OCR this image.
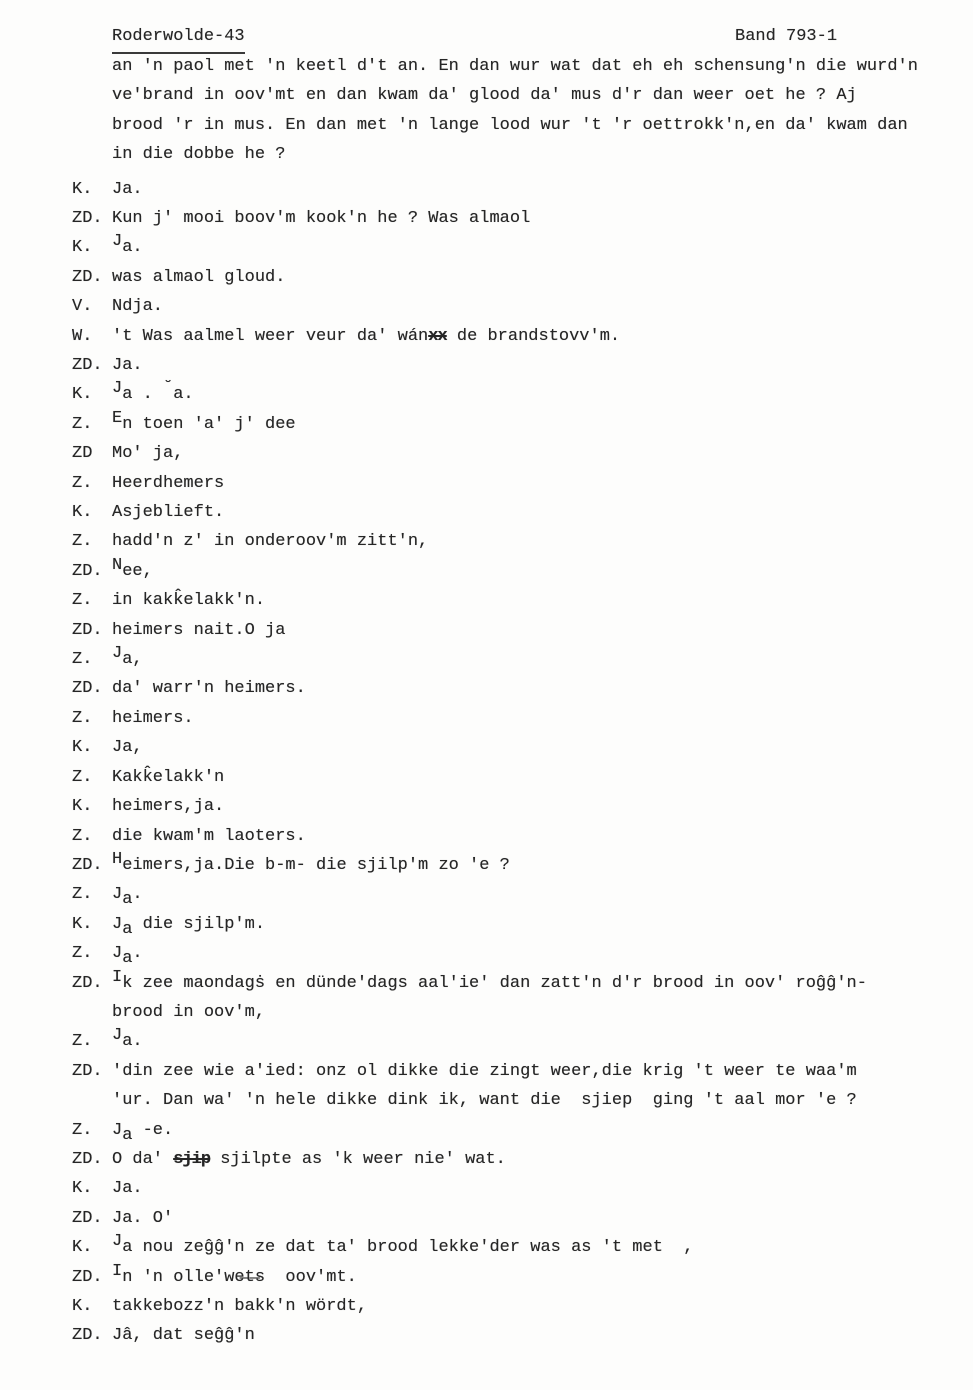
Roderwolde-43

	Band 793-1

an 'n paol met 'n keetl d't an. En dan wur wat dat eh eh schensung'n die wurd'n
ve'brand in oov'mt en dan kwam da' glood da' mus d'r dan weer oet he ? Aj
brood 'r in mus. En dan met 'n lange lood wur 't 'r oettrokk'n,en da' kwam dan
in die dobbe he ?
K.	Ja.
ZD. Kun j' mooi boov'm kook'n he ? Was almaol
K.	Ja.
ZD. was almaol gloud.
V.	Ndja.
W.	't Was aalmel weer veur da' wánxx de brandstovv'm.
ZD. Ja.
K.	Ja . ˘a.
Z.	En toen 'a' j' dee
ZD	Mo' ja,
Z.	Heerdhemers
K.	Asjeblieft.
Z.	hadd'n z' in onderoov'm zitt'n,
ZD. Nee,
Z.	in kakk̂elakk'n.
ZD. heimers nait.O ja
Z.	Ja,
ZD. da' warr'n heimers.
Z.	heimers.
K.	Ja,
Z.	Kakk̂elakk'n
K.	heimers,ja.
Z.	die kwam'm laoters.
ZD. Heimers,ja.Die b-m- die sjilp'm zo 'e ?
Z.	Ja.
K.	Ja die sjilp'm.
Z.	Ja.
ZD. Ik zee maondagṡ en dünde'dags aal'ie' dan zatt'n d'r brood in oov' roĝĝ'n-
brood in oov'm,
Z.	Ja.
ZD. 'din zee wie a'ied: onz ol dikke die zingt weer,die krig 't weer te waa'm
'ur. Dan wa' 'n hele dikke dink ik, want die  sjiep  ging 't aal mor 'e ?
Z.	Ja -e.
ZD. O da' sjip sjilpte as 'k weer nie' wat.
K.	Ja.
ZD. Ja. O'
K.	Ja nou zeĝĝ'n ze dat ta' brood lekke'der was as 't met  ,
ZD. In 'n olle'we̶t̶s  oov'mt.
K.	takkebozz'n bakk'n wördt,
ZD. Jâ, dat seĝĝ'n
